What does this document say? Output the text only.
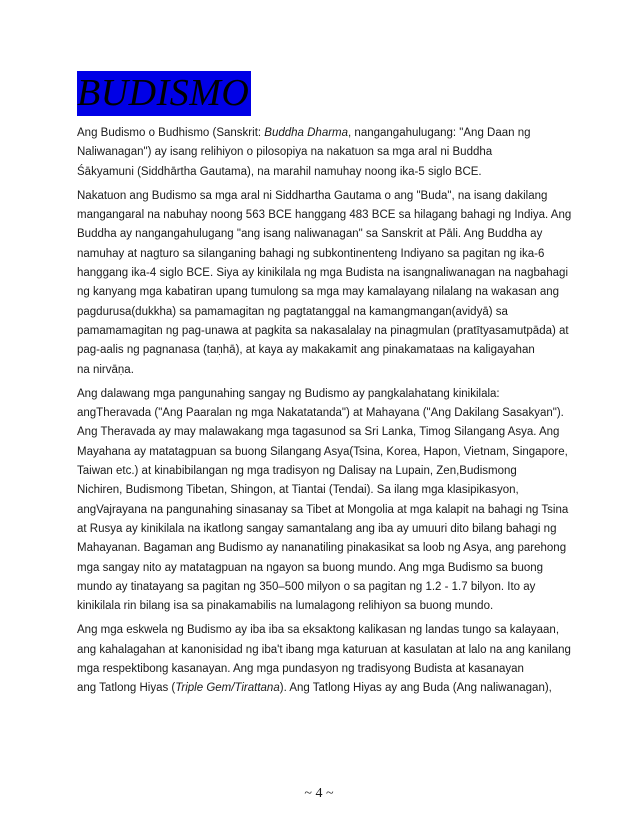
BUDISMO
Ang Budismo o Budhismo (Sanskrit: Buddha Dharma, nangangahulugang: "Ang Daan ng
Naliwanagan") ay isang relihiyon o pilosopiya na nakatuon sa mga aral ni Buddha
Śākyamuni (Siddhārtha Gautama), na marahil namuhay noong ika-5 siglo BCE.
Nakatuon ang Budismo sa mga aral ni Siddhartha Gautama o ang "Buda", na isang dakilang
mangangaral na nabuhay noong 563 BCE hanggang 483 BCE sa hilagang bahagi ng Indiya. Ang
Buddha ay nangangahulugang "ang isang naliwanagan" sa Sanskrit at Pāli. Ang Buddha ay
namuhay at nagturo sa silanganing bahagi ng subkontinenteng Indiyano sa pagitan ng ika-6
hanggang ika-4 siglo BCE. Siya ay kinikilala ng mga Budista na isangnaliwanagan na nagbahagi
ng kanyang mga kabatiran upang tumulong sa mga may kamalayang nilalang na wakasan ang
pagdurusa(dukkha) sa pamamagitan ng pagtatanggal na kamangmangan(avidyā) sa
pamamamagitan ng pag-unawa at pagkita sa nakasalalay na pinagmulan (pratītyasamutpāda) at
pag-aalis ng pagnanasa (taṇhā), at kaya ay makakamit ang pinakamataas na kaligayahan
na nirvāṇa.
Ang dalawang mga pangunahing sangay ng Budismo ay pangkalahatang kinikilala:
angTheravada ("Ang Paaralan ng mga Nakatatanda") at Mahayana ("Ang Dakilang Sasakyan").
Ang Theravada ay may malawakang mga tagasunod sa Sri Lanka, Timog Silangang Asya. Ang
Mayahana ay matatagpuan sa buong Silangang Asya(Tsina, Korea, Hapon, Vietnam, Singapore,
Taiwan etc.) at kinabibilangan ng mga tradisyon ng Dalisay na Lupain, Zen,Budismong
Nichiren, Budismong Tibetan, Shingon, at Tiantai (Tendai). Sa ilang mga klasipikasyon,
angVajrayana na pangunahing sinasanay sa Tibet at Mongolia at mga kalapit na bahagi ng Tsina
at Rusya ay kinikilala na ikatlong sangay samantalang ang iba ay umuuri dito bilang bahagi ng
Mahayanan. Bagaman ang Budismo ay nananatiling pinakasikat sa loob ng Asya, ang parehong
mga sangay nito ay matatagpuan na ngayon sa buong mundo. Ang mga Budismo sa buong
mundo ay tinatayang sa pagitan ng 350–500 milyon o sa pagitan ng 1.2 - 1.7 bilyon. Ito ay
kinikilala rin bilang isa sa pinakamabilis na lumalagong relihiyon sa buong mundo.
Ang mga eskwela ng Budismo ay iba iba sa eksaktong kalikasan ng landas tungo sa kalayaan,
ang kahalagahan at kanonisidad ng iba't ibang mga katuruan at kasulatan at lalo na ang kanilang
mga respektibong kasanayan. Ang mga pundasyon ng tradisyong Budista at kasanayan
ang Tatlong Hiyas (Triple Gem/Tirattana). Ang Tatlong Hiyas ay ang Buda (Ang naliwanagan),
~ 4 ~
